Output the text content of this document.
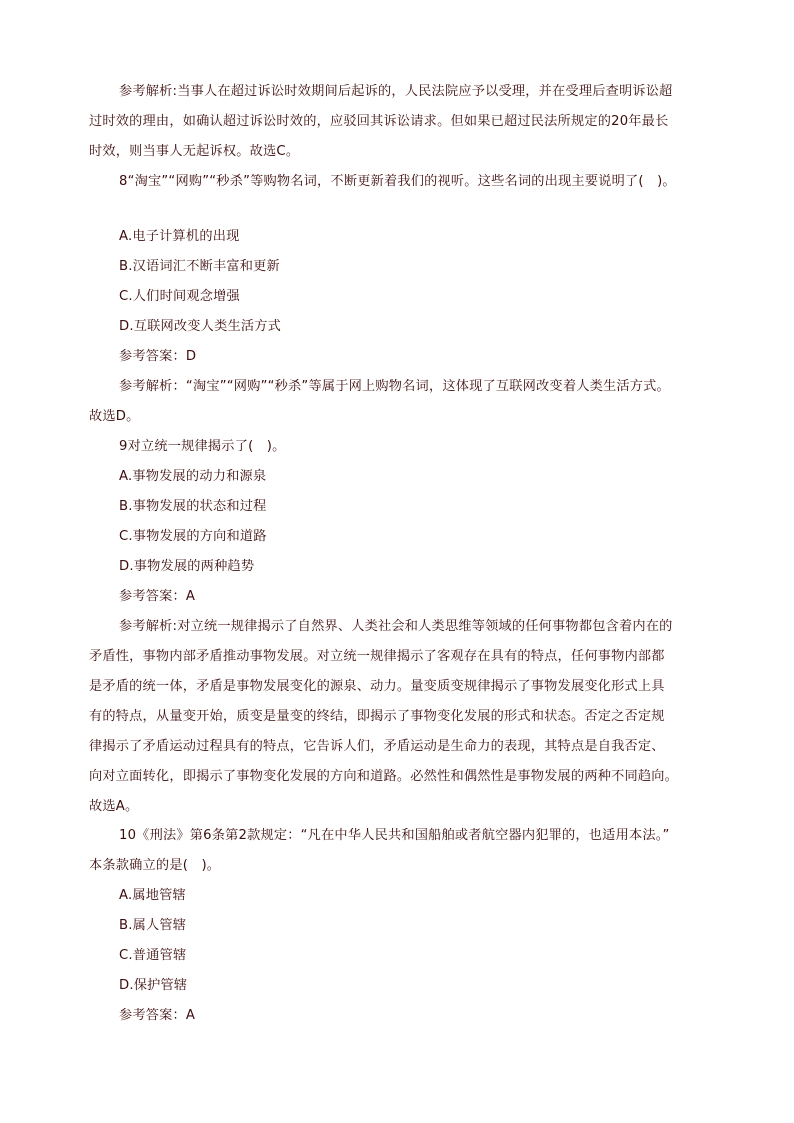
参考解析:当事人在超过诉讼时效期间后起诉的，人民法院应予以受理，并在受理后查明诉讼超
过时效的理由，如确认超过诉讼时效的，应驳回其诉讼请求。但如果已超过民法所规定的20年最长
时效，则当事人无起诉权。故选C。
8“淘宝”“网购”“秒杀”等购物名词，不断更新着我们的视听。这些名词的出现主要说明了(　)。
A.电子计算机的出现
B.汉语词汇不断丰富和更新
C.人们时间观念增强
D.互联网改变人类生活方式
参考答案：D
参考解析：“淘宝”“网购”“秒杀”等属于网上购物名词，这体现了互联网改变着人类生活方式。
故选D。
9对立统一规律揭示了(　)。
A.事物发展的动力和源泉
B.事物发展的状态和过程
C.事物发展的方向和道路
D.事物发展的两种趋势
参考答案：A
参考解析:对立统一规律揭示了自然界、人类社会和人类思维等领域的任何事物都包含着内在的
矛盾性，事物内部矛盾推动事物发展。对立统一规律揭示了客观存在具有的特点，任何事物内部都
是矛盾的统一体，矛盾是事物发展变化的源泉、动力。量变质变规律揭示了事物发展变化形式上具
有的特点，从量变开始，质变是量变的终结，即揭示了事物变化发展的形式和状态。否定之否定规
律揭示了矛盾运动过程具有的特点，它告诉人们，矛盾运动是生命力的表现，其特点是自我否定、
向对立面转化，即揭示了事物变化发展的方向和道路。必然性和偶然性是事物发展的两种不同趋向。
故选A。
10《刑法》第6条第2款规定：“凡在中华人民共和国船舶或者航空器内犯罪的，也适用本法。”
本条款确立的是(　)。
A.属地管辖
B.属人管辖
C.普通管辖
D.保护管辖
参考答案：A
